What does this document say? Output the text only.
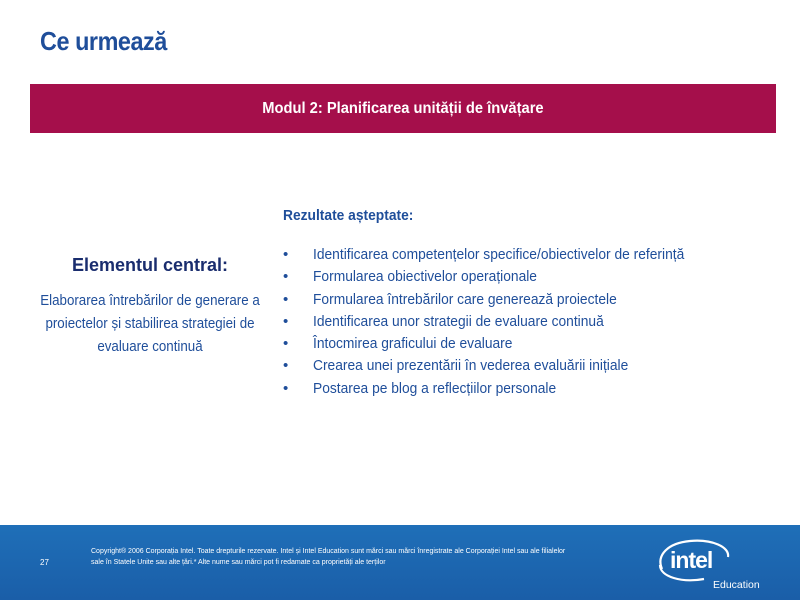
Ce urmează
Modul 2: Planificarea unității de învățare

Elementul central:

Elaborarea întrebărilor de generare a proiectelor și stabilirea strategiei de evaluare continuă

Rezultate așteptate:

• Identificarea competențelor specifice/obiectivelor de referință
• Formularea obiectivelor operaționale
• Formularea întrebărilor care generează proiectele
• Identificarea unor strategii de evaluare continuă
• Întocmirea graficului de evaluare
• Crearea unei prezentării în vederea evaluării inițiale
• Postarea pe blog a reflecțiilor personale
27

Copyright® 2006 Corporația Intel. Toate drepturile rezervate. Intel și Intel Education sunt mărci sau mărci înregistrate ale Corporației Intel sau ale filialelor
sale în Statele Unite sau alte țări.* Alte nume sau mărci pot fi redamate ca proprietăți ale terților	intel
Education
